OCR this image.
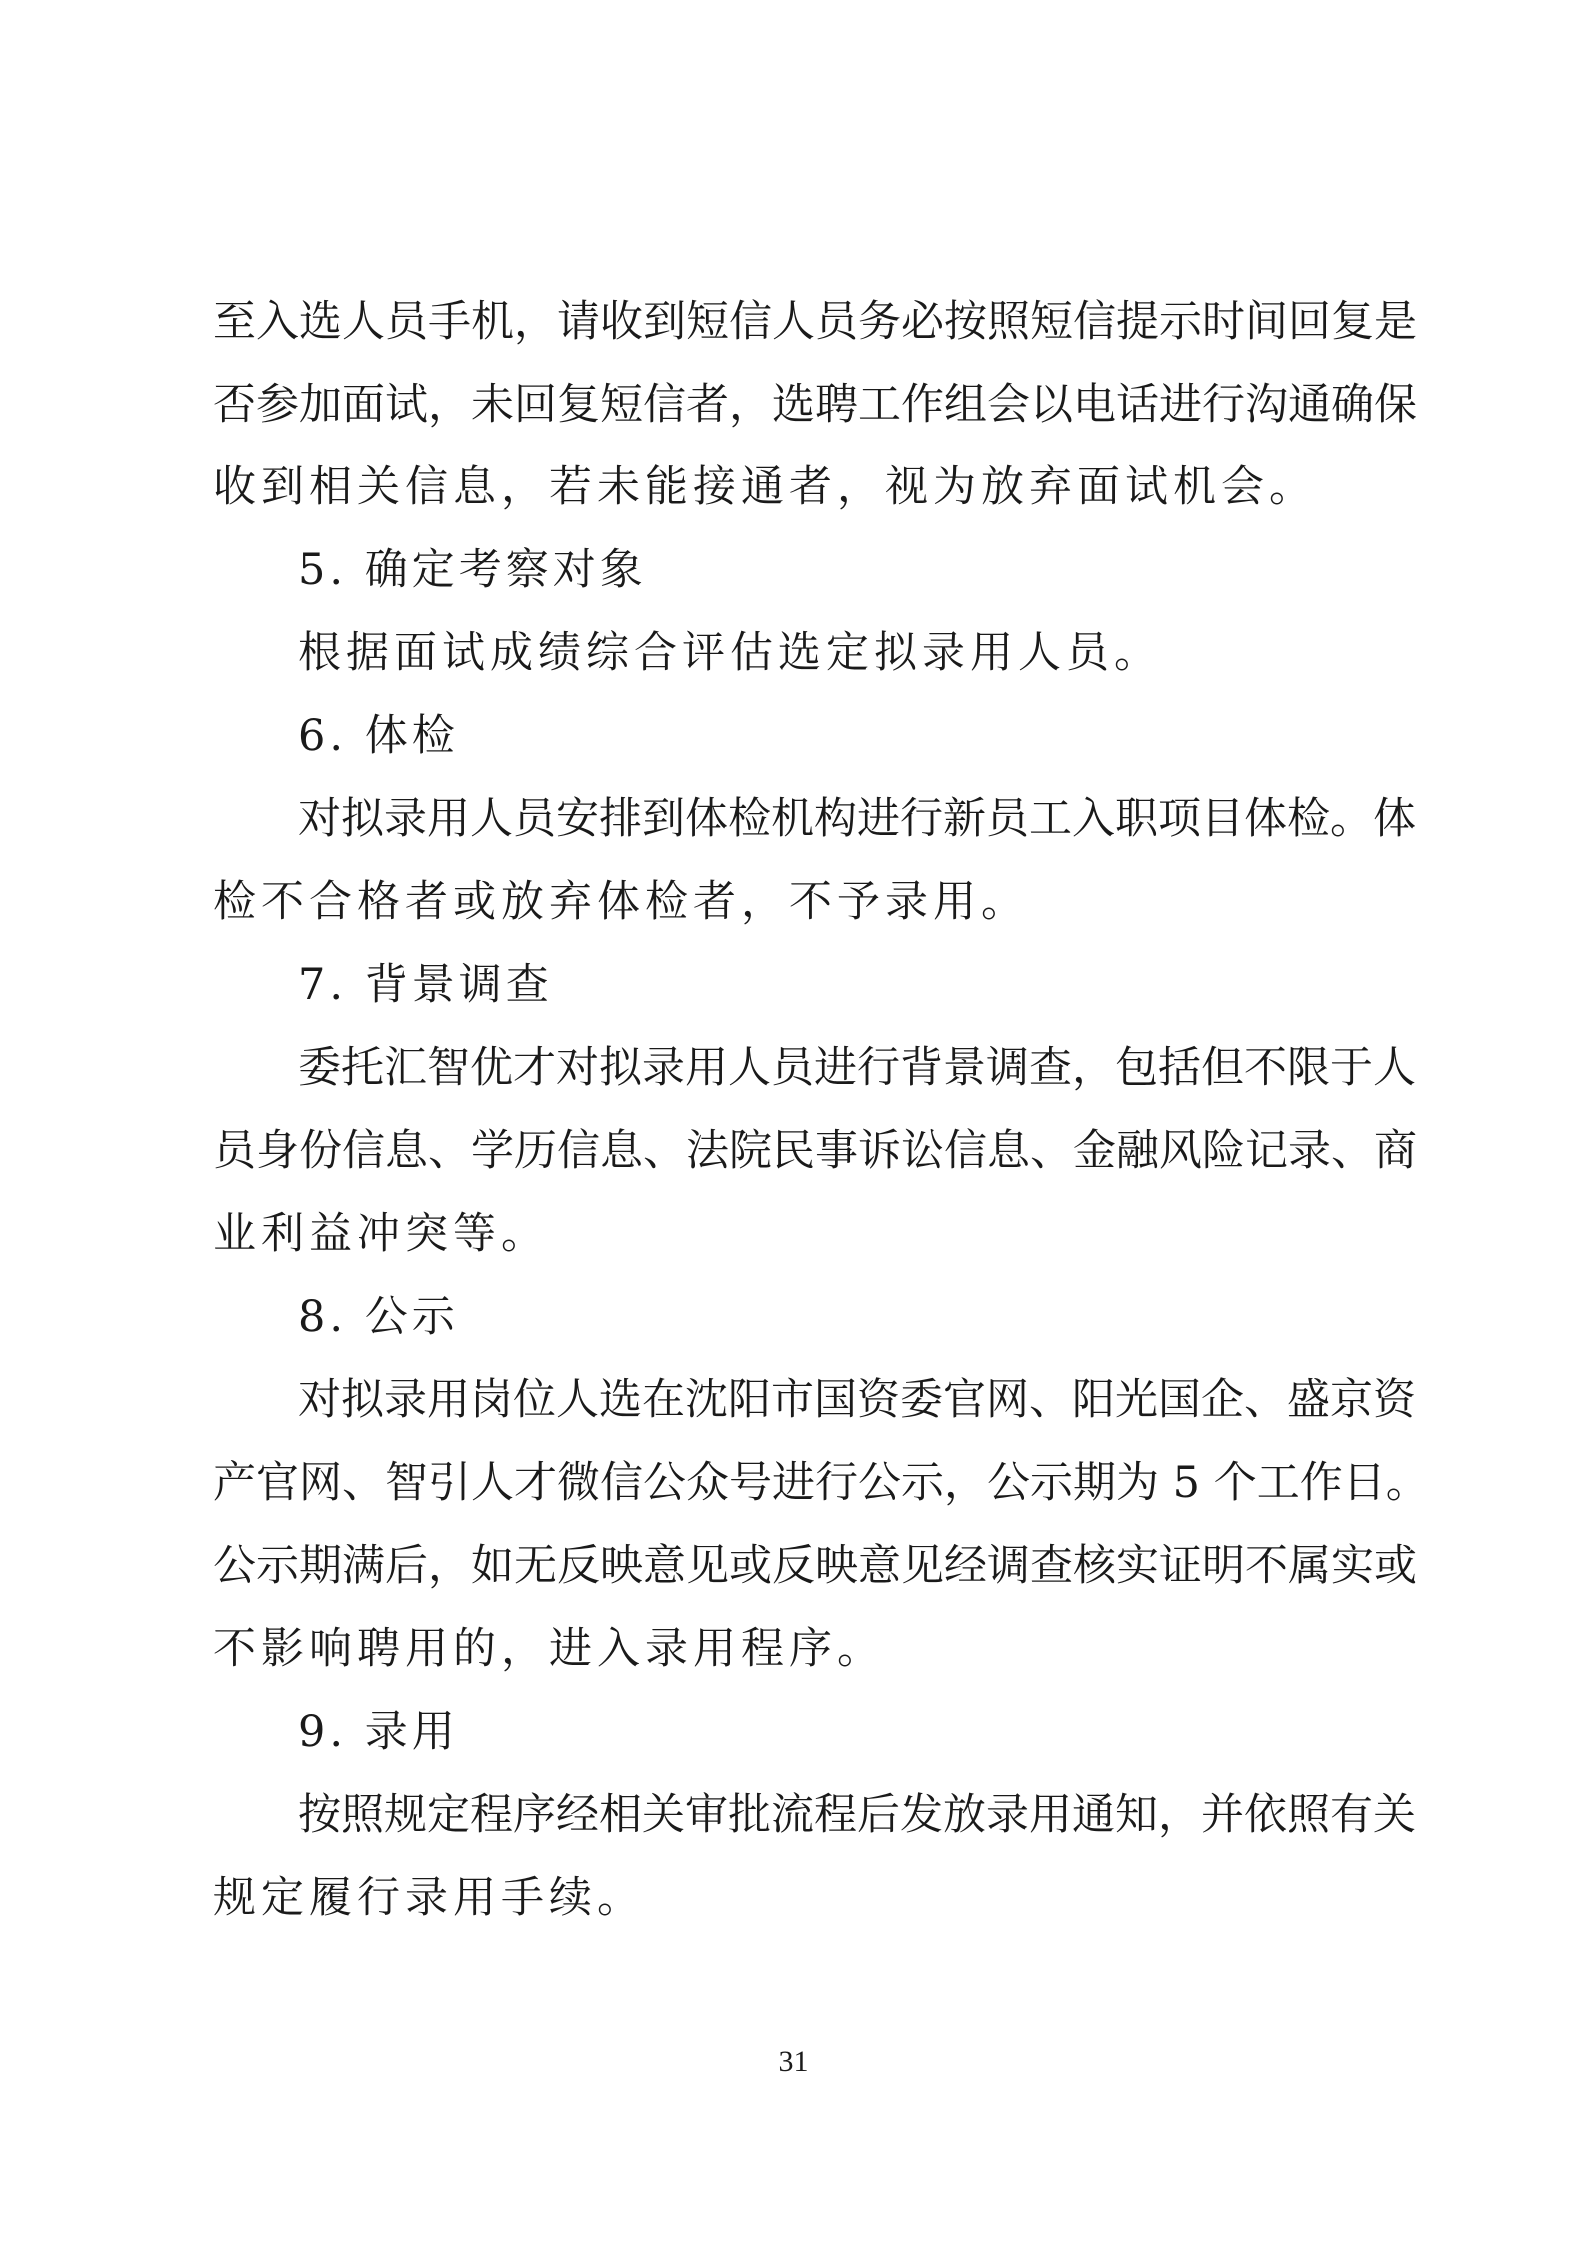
至入选人员手机，请收到短信人员务必按照短信提示时间回复是

否参加面试，未回复短信者，选聘工作组会以电话进行沟通确保

收到相关信息，若未能接通者，视为放弃面试机会。

5. 确定考察对象

根据面试成绩综合评估选定拟录用人员。

6. 体检

对拟录用人员安排到体检机构进行新员工入职项目体检。体

检不合格者或放弃体检者，不予录用。

7. 背景调查

委托汇智优才对拟录用人员进行背景调查，包括但不限于人

员身份信息、学历信息、法院民事诉讼信息、金融风险记录、商

业利益冲突等。

8. 公示

对拟录用岗位人选在沈阳市国资委官网、阳光国企、盛京资

产官网、智引人才微信公众号进行公示，公示期为 5 个工作日。

公示期满后，如无反映意见或反映意见经调查核实证明不属实或

不影响聘用的，进入录用程序。

9. 录用

按照规定程序经相关审批流程后发放录用通知，并依照有关

规定履行录用手续。

31
